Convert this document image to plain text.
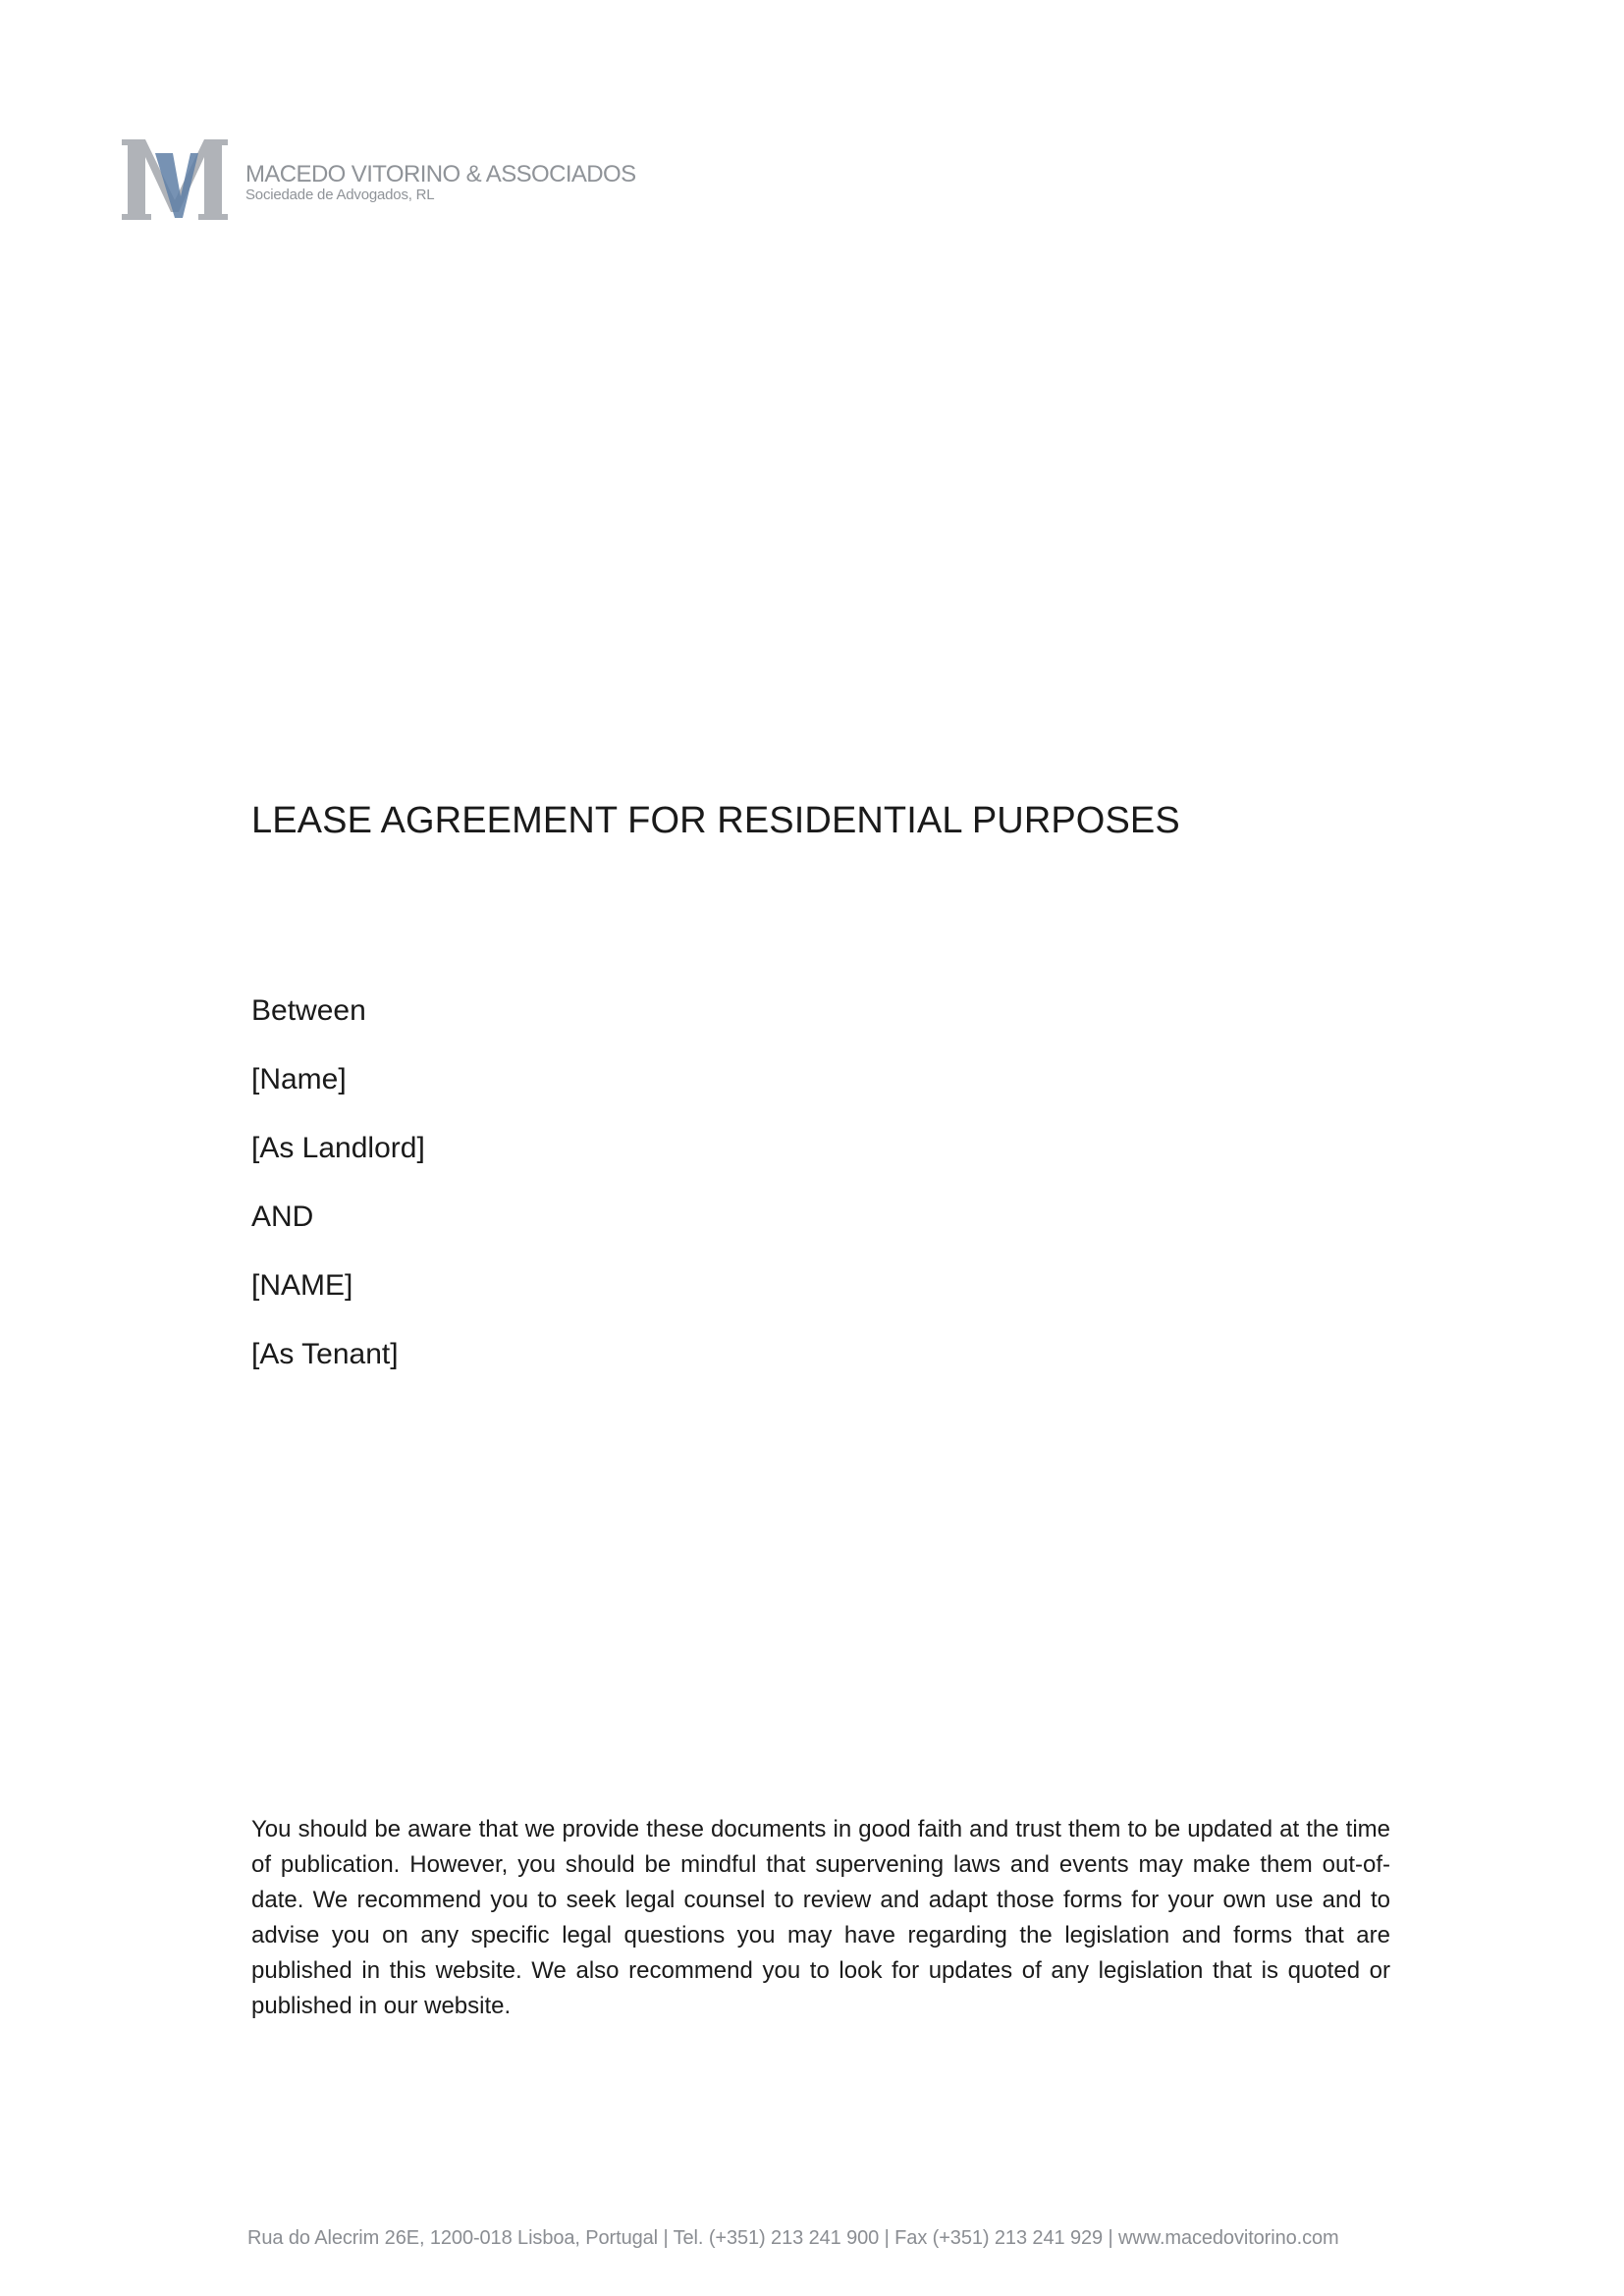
MACEDO VITORINO & ASSOCIADOS
Sociedade de Advogados, RL
LEASE AGREEMENT FOR RESIDENTIAL PURPOSES
Between
[Name]
[As Landlord]
AND
[NAME]
[As Tenant]

You should be aware that we provide these documents in good faith and trust them to be updated at the time of publication. However, you should be mindful that supervening laws and events may make them out-of-date. We recommend you to seek legal counsel to review and adapt those forms for your own use and to advise you on any specific legal questions you may have regarding the legislation and forms that are published in this website. We also recommend you to look for updates of any legislation that is quoted or published in our website.

Rua do Alecrim 26E, 1200-018 Lisboa, Portugal | Tel. (+351) 213 241 900 | Fax (+351) 213 241 929 | www.macedovitorino.com
